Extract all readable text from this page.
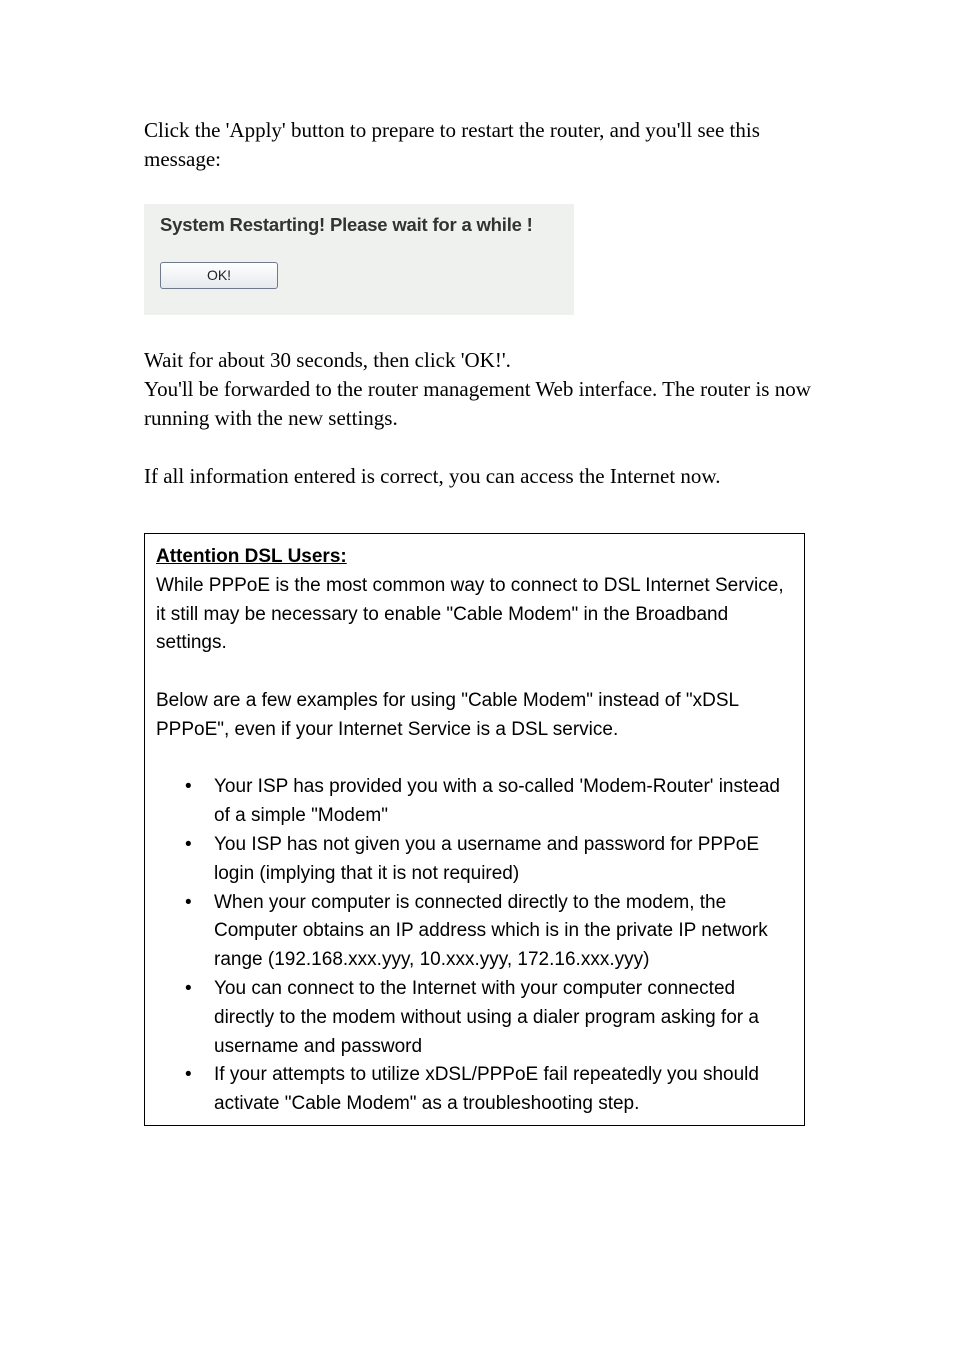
Click the 'Apply' button to prepare to restart the router, and you'll see this message:

System Restarting! Please wait for a while !
OK!

Wait for about 30 seconds, then click 'OK!'.

You'll be forwarded to the router management Web interface. The router is now running with the new settings.

If all information entered is correct, you can access the Internet now.

Attention DSL Users:

While PPPoE is the most common way to connect to DSL Internet Service, it still may be necessary to enable "Cable Modem" in the Broadband settings.

Below are a few examples for using "Cable Modem" instead of "xDSL PPPoE", even if your Internet Service is a DSL service.

• Your ISP has provided you with a so-called 'Modem-Router' instead of a simple "Modem"
• You ISP has not given you a username and password for PPPoE login (implying that it is not required)
• When your computer is connected directly to the modem, the Computer obtains an IP address which is in the private IP network range (192.168.xxx.yyy, 10.xxx.yyy, 172.16.xxx.yyy)
• You can connect to the Internet with your computer connected directly to the modem without using a dialer program asking for a username and password
• If your attempts to utilize xDSL/PPPoE fail repeatedly you should activate "Cable Modem" as a troubleshooting step.
